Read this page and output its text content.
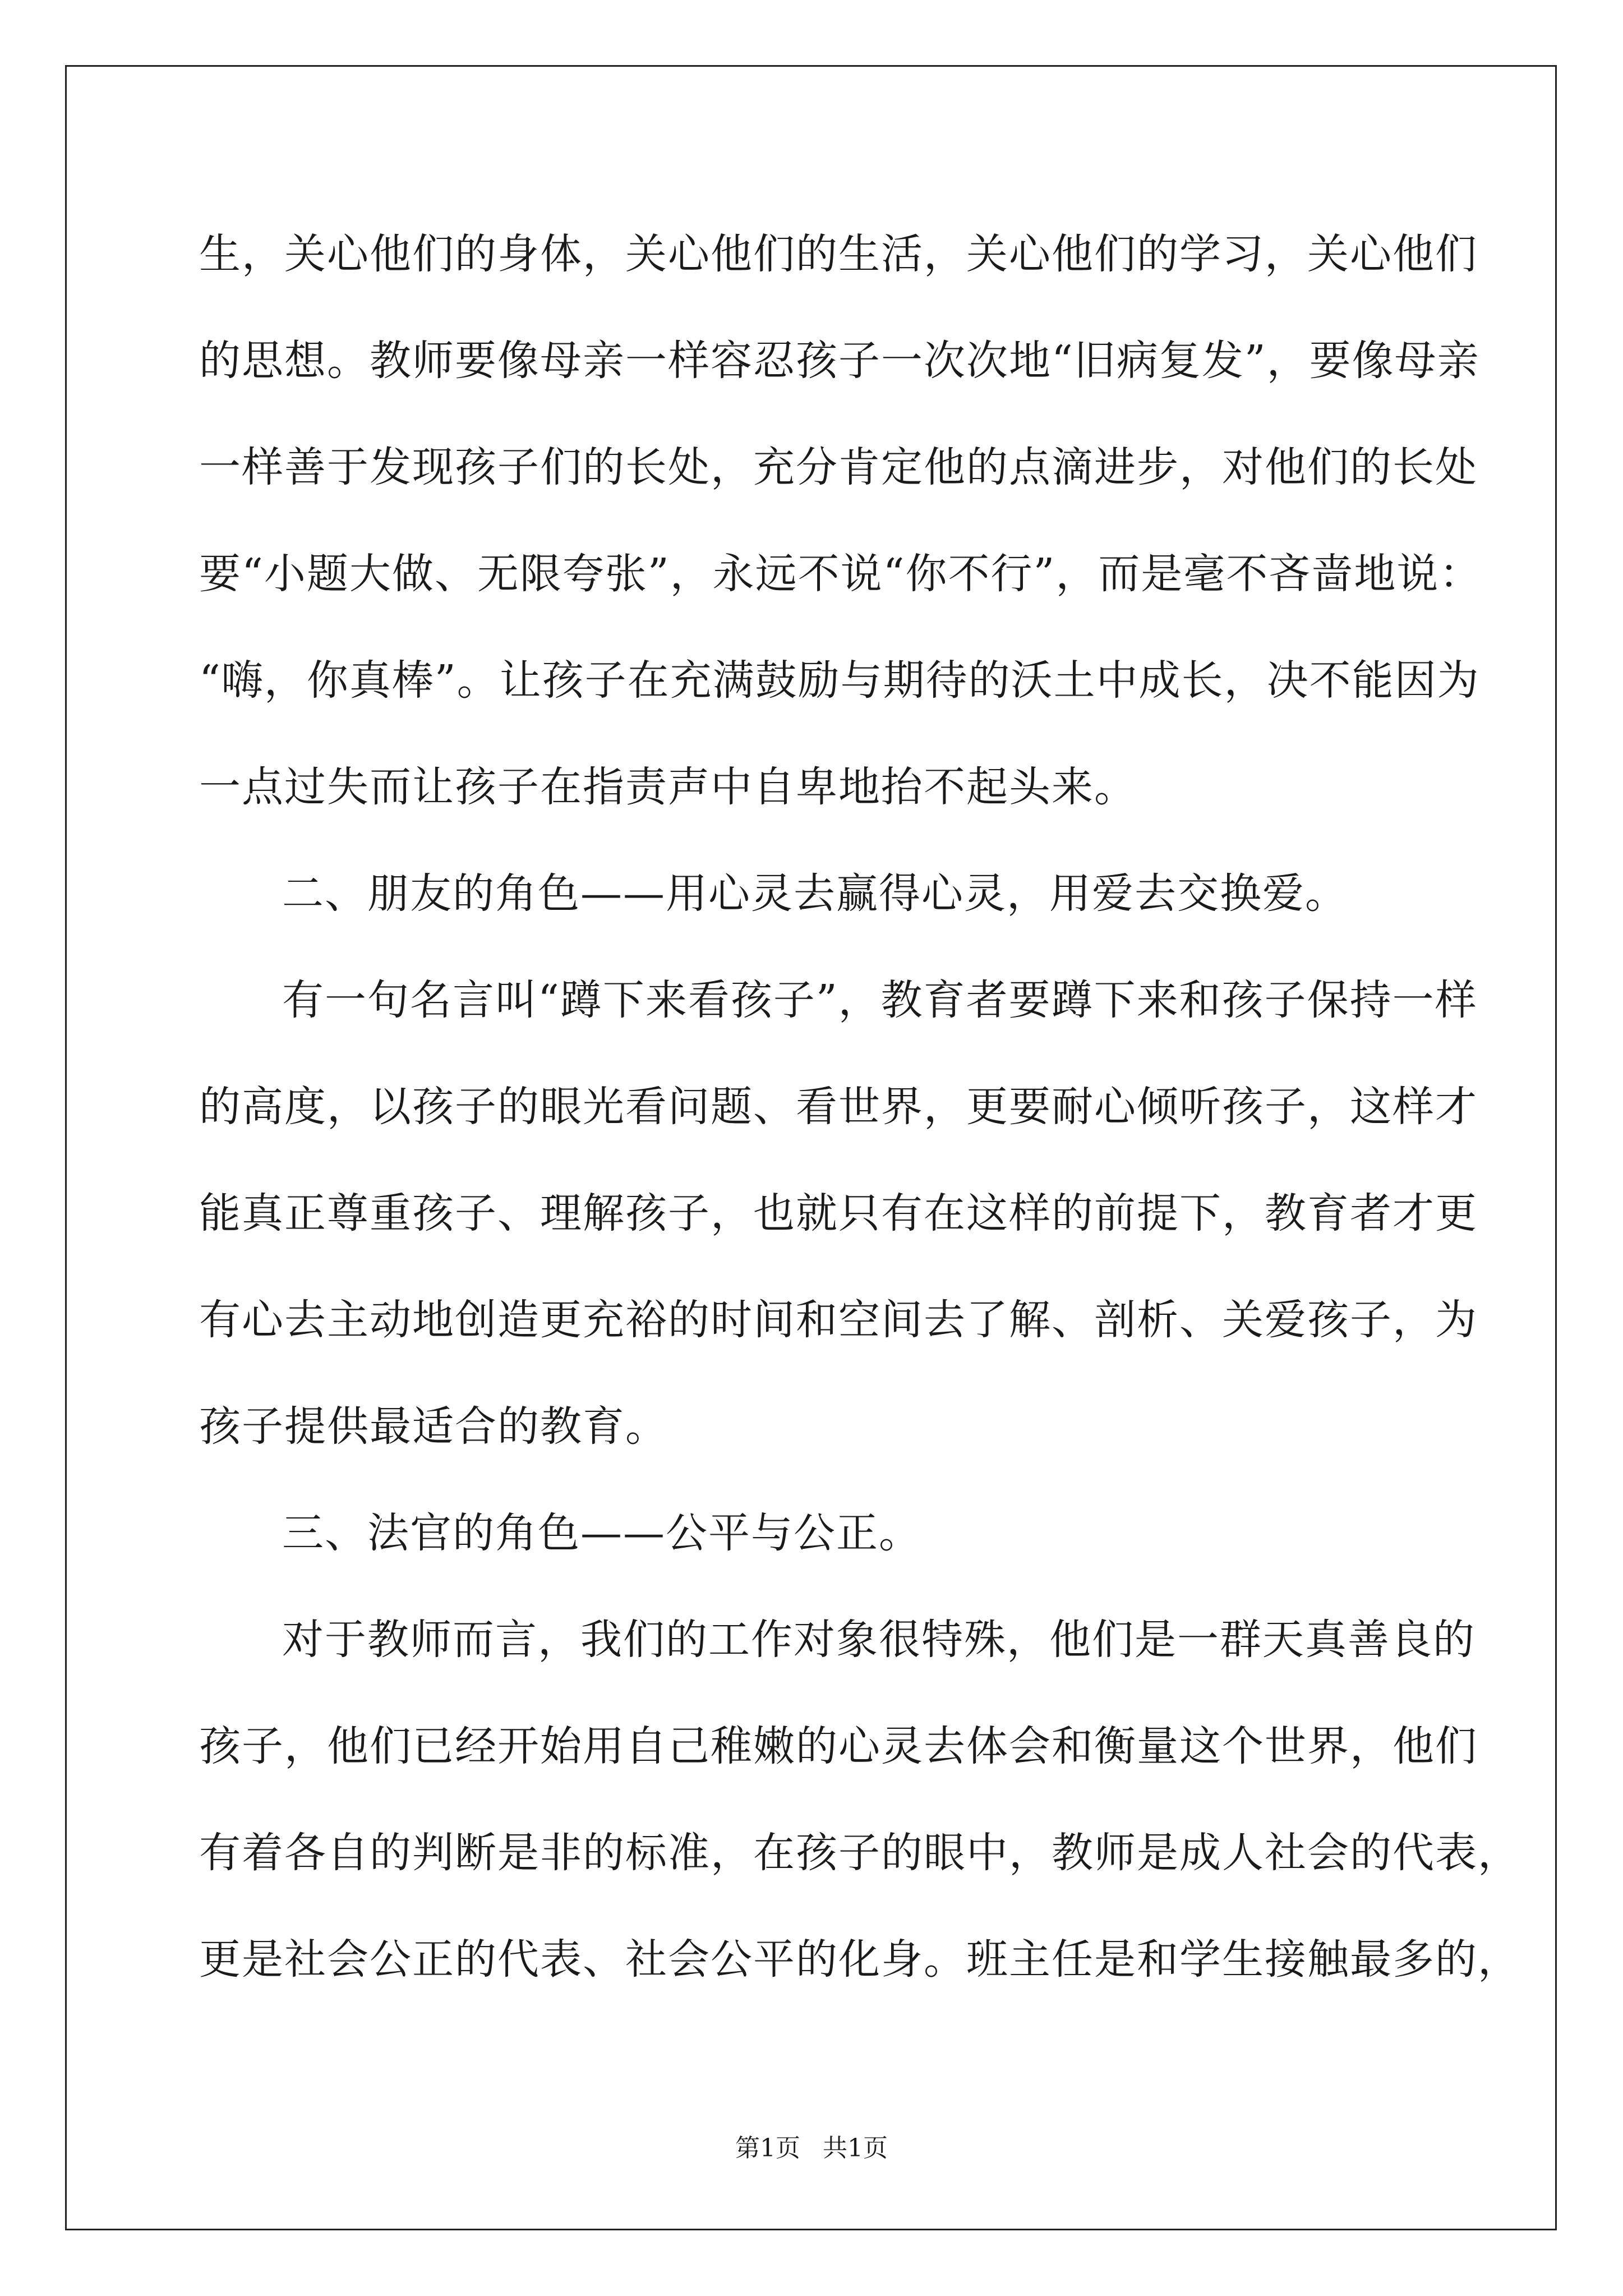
生，关心他们的身体，关心他们的生活，关心他们的学习，关心他们
的思想。教师要像母亲一样容忍孩子一次次地“旧病复发”，要像母亲
一样善于发现孩子们的长处，充分肯定他的点滴进步，对他们的长处
要“小题大做、无限夸张”，永远不说“你不行”，而是毫不吝啬地说：
“嗨，你真棒”。让孩子在充满鼓励与期待的沃土中成长，决不能因为
一点过失而让孩子在指责声中自卑地抬不起头来。
二、朋友的角色——用心灵去赢得心灵，用爱去交换爱。
有一句名言叫“蹲下来看孩子”，教育者要蹲下来和孩子保持一样
的高度，以孩子的眼光看问题、看世界，更要耐心倾听孩子，这样才
能真正尊重孩子、理解孩子，也就只有在这样的前提下，教育者才更
有心去主动地创造更充裕的时间和空间去了解、剖析、关爱孩子，为
孩子提供最适合的教育。
三、法官的角色——公平与公正。
对于教师而言，我们的工作对象很特殊，他们是一群天真善良的
孩子，他们已经开始用自己稚嫩的心灵去体会和衡量这个世界，他们
有着各自的判断是非的标准，在孩子的眼中，教师是成人社会的代表，
更是社会公正的代表、社会公平的化身。班主任是和学生接触最多的，
第1页 共1页
